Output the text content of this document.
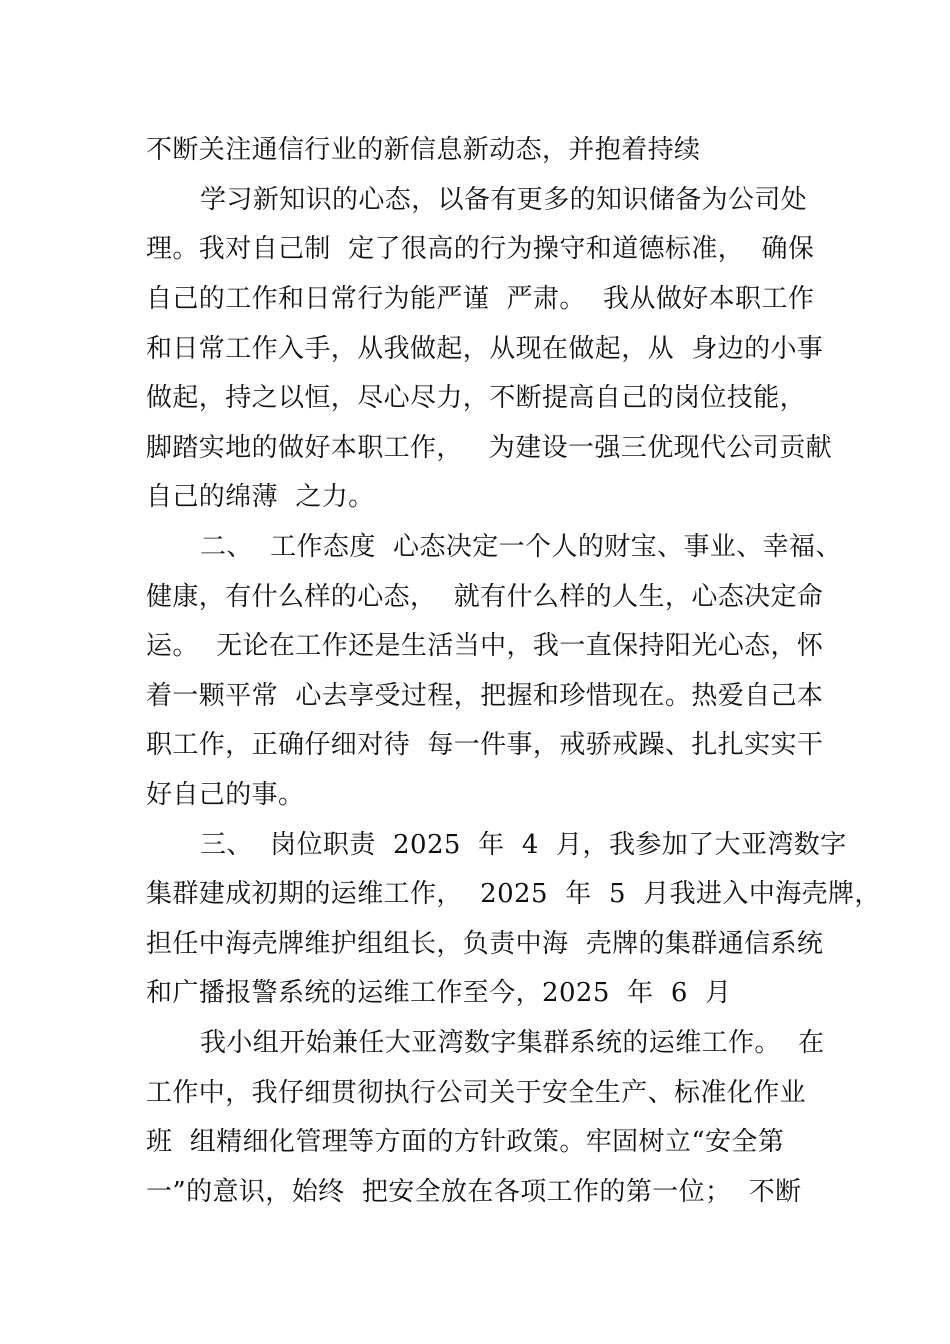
不断关注通信行业的新信息新动态，并抱着持续
学习新知识的心态，以备有更多的知识储备为公司处
理。我对自己制  定了很高的行为操守和道德标准，  确保
自己的工作和日常行为能严谨  严肃。  我从做好本职工作
和日常工作入手，从我做起，从现在做起，从  身边的小事
做起，持之以恒，尽心尽力，不断提高自己的岗位技能，
脚踏实地的做好本职工作，   为建设一强三优现代公司贡献
自己的绵薄  之力。
二、  工作态度  心态决定一个人的财宝、事业、幸福、
健康，有什么样的心态，  就有什么样的人生，心态决定命
运。  无论在工作还是生活当中，我一直保持阳光心态，怀
着一颗平常  心去享受过程，把握和珍惜现在。热爱自己本
职工作，正确仔细对待  每一件事，戒骄戒躁、扎扎实实干
好自己的事。
三、  岗位职责  2025  年  4  月，我参加了大亚湾数字
集群建成初期的运维工作，  2025  年  5  月我进入中海壳牌，
担任中海壳牌维护组组长，负责中海  壳牌的集群通信系统
和广播报警系统的运维工作至今，2025  年  6  月
我小组开始兼任大亚湾数字集群系统的运维工作。  在
工作中，我仔细贯彻执行公司关于安全生产、标准化作业
班  组精细化管理等方面的方针政策。牢固树立“安全第
一”的意识，始终  把安全放在各项工作的第一位；  不断
